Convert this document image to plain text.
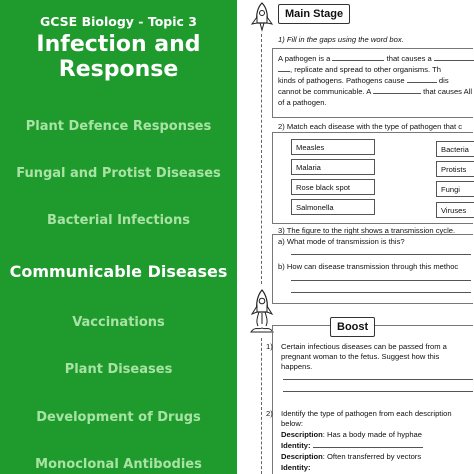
GCSE Biology - Topic 3
Infection and
Response
Plant Defence Responses
Fungal and Protist Diseases
Bacterial Infections
Communicable Diseases
Vaccinations
Plant Diseases
Development of Drugs
Monoclonal Antibodies
Main Stage
1) Fill in the gaps using the word box.
A pathogen is a	that causes a
, replicate and spread to other organisms. Th
kinds of pathogens. Pathogens cause	dis
cannot be communicable. A	that causes All
of a pathogen.
2) Match each disease with the type of pathogen that c
Measles
Malaria
Rose black spot
Salmonella
Bacteria
Protists
Fungi
Viruses
3) The figure to the right shows a transmission cycle.
a) What mode of transmission is this?
b) How can disease transmission through this methoc
Boost
1) Certain infectious diseases can be passed from a
pregnant woman to the fetus. Suggest how this
happens.
2) Identify the type of pathogen from each description
below:
Description: Has a body made of hyphae
Identity:
Description: Often transferred by vectors
Identity:
